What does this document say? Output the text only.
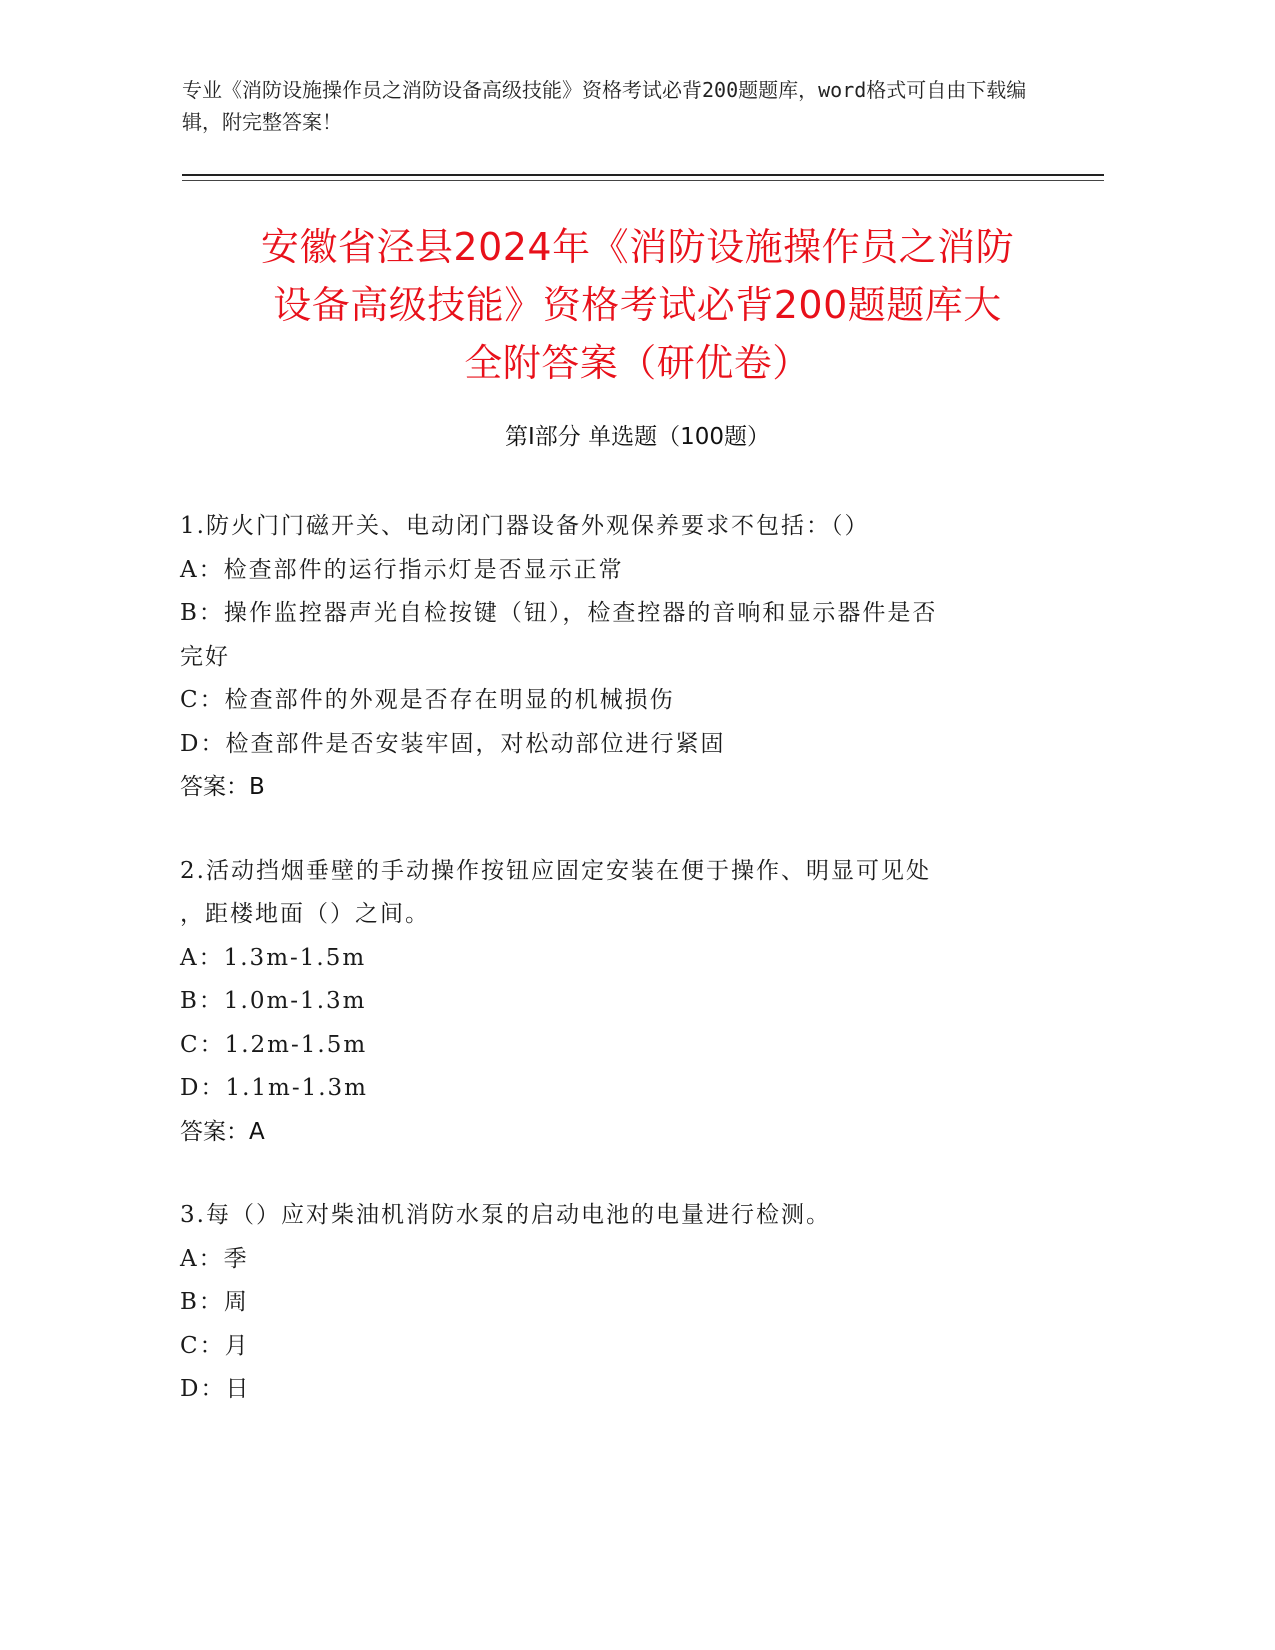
专业《消防设施操作员之消防设备高级技能》资格考试必背200题题库，word格式可自由下载编辑，附完整答案！
安徽省泾县2024年《消防设施操作员之消防
设备高级技能》资格考试必背200题题库大
全附答案（研优卷）
第Ⅰ部分 单选题（100题）
1.防火门门磁开关、电动闭门器设备外观保养要求不包括：（）
A：检查部件的运行指示灯是否显示正常
B：操作监控器声光自检按键（钮），检查控器的音响和显示器件是否
完好
C：检查部件的外观是否存在明显的机械损伤
D：检查部件是否安装牢固，对松动部位进行紧固
答案：B
2.活动挡烟垂壁的手动操作按钮应固定安装在便于操作、明显可见处
，距楼地面（）之间。
A：1.3m-1.5m
B：1.0m-1.3m
C：1.2m-1.5m
D：1.1m-1.3m
答案：A
3.每（）应对柴油机消防水泵的启动电池的电量进行检测。
A：季
B：周
C：月
D：日
